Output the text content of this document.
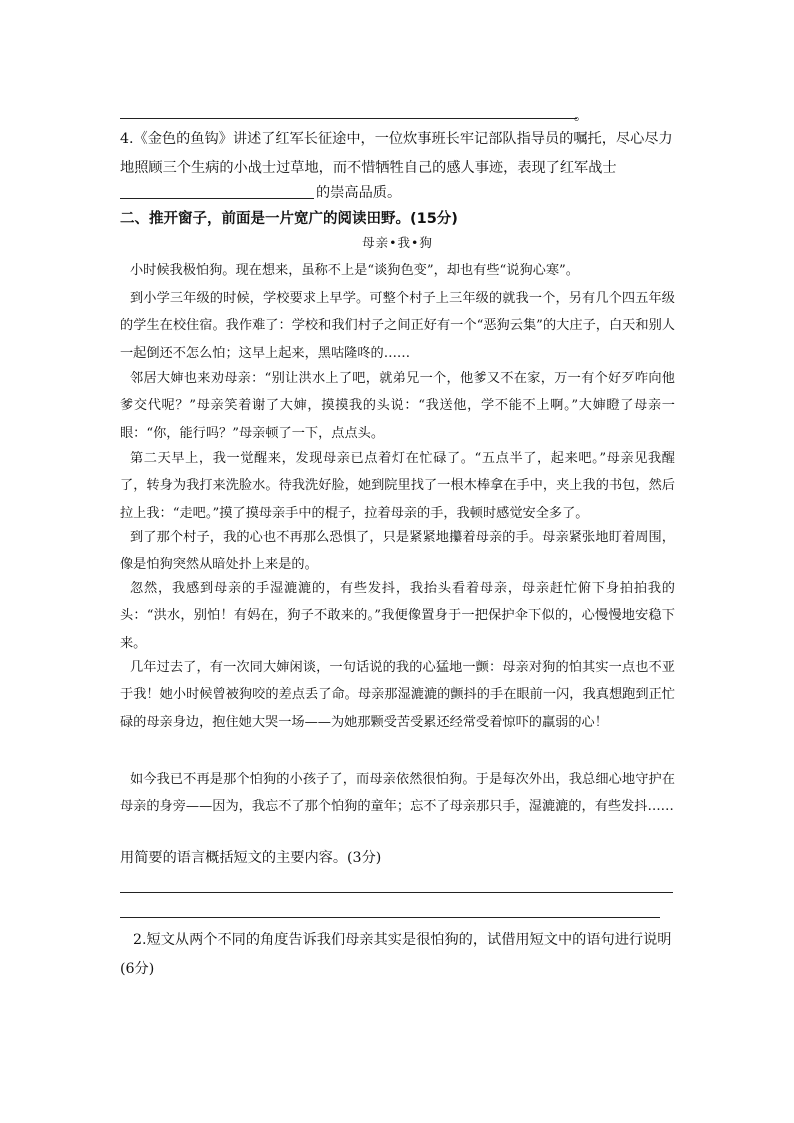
。
4.《金色的鱼钩》讲述了红军长征途中，一位炊事班长牢记部队指导员的嘱托，尽心尽力
地照顾三个生病的小战士过草地，而不惜牺牲自己的感人事迹，表现了红军战士
的崇高品质。
二、推开窗子，前面是一片宽广的阅读田野。(15分)
母亲•我•狗
小时候我极怕狗。现在想来，虽称不上是“谈狗色变”，却也有些“说狗心寒”。
到小学三年级的时候，学校要求上早学。可整个村子上三年级的就我一个，另有几个四五年级的学生在校住宿。我作难了：学校和我们村子之间正好有一个“恶狗云集”的大庄子，白天和别人一起倒还不怎么怕；这早上起来，黑咕隆咚的……
邻居大婶也来劝母亲：“别让洪水上了吧，就弟兄一个，他爹又不在家，万一有个好歹咋向他爹交代呢？”母亲笑着谢了大婶，摸摸我的头说：“我送他，学不能不上啊。”大婶瞪了母亲一眼：“你，能行吗？”母亲顿了一下，点点头。
第二天早上，我一觉醒来，发现母亲已点着灯在忙碌了。“五点半了，起来吧。”母亲见我醒了，转身为我打来洗脸水。待我洗好脸，她到院里找了一根木棒拿在手中，夹上我的书包，然后拉上我：“走吧。”摸了摸母亲手中的棍子，拉着母亲的手，我顿时感觉安全多了。
到了那个村子，我的心也不再那么恐惧了，只是紧紧地攥着母亲的手。母亲紧张地盯着周围，像是怕狗突然从暗处扑上来是的。
忽然，我感到母亲的手湿漉漉的，有些发抖，我抬头看着母亲，母亲赶忙俯下身拍拍我的头：“洪水，别怕！有妈在，狗子不敢来的。”我便像置身于一把保护伞下似的，心慢慢地安稳下来。
几年过去了，有一次同大婶闲谈，一句话说的我的心猛地一颤：母亲对狗的怕其实一点也不亚于我！她小时候曾被狗咬的差点丢了命。母亲那湿漉漉的颤抖的手在眼前一闪，我真想跑到正忙碌的母亲身边，抱住她大哭一场——为她那颗受苦受累还经常受着惊吓的羸弱的心！
如今我已不再是那个怕狗的小孩子了，而母亲依然很怕狗。于是每次外出，我总细心地守护在母亲的身旁——因为，我忘不了那个怕狗的童年；忘不了母亲那只手，湿漉漉的，有些发抖……
用简要的语言概括短文的主要内容。(3分)
2.短文从两个不同的角度告诉我们母亲其实是很怕狗的，试借用短文中的语句进行说明
(6分)
